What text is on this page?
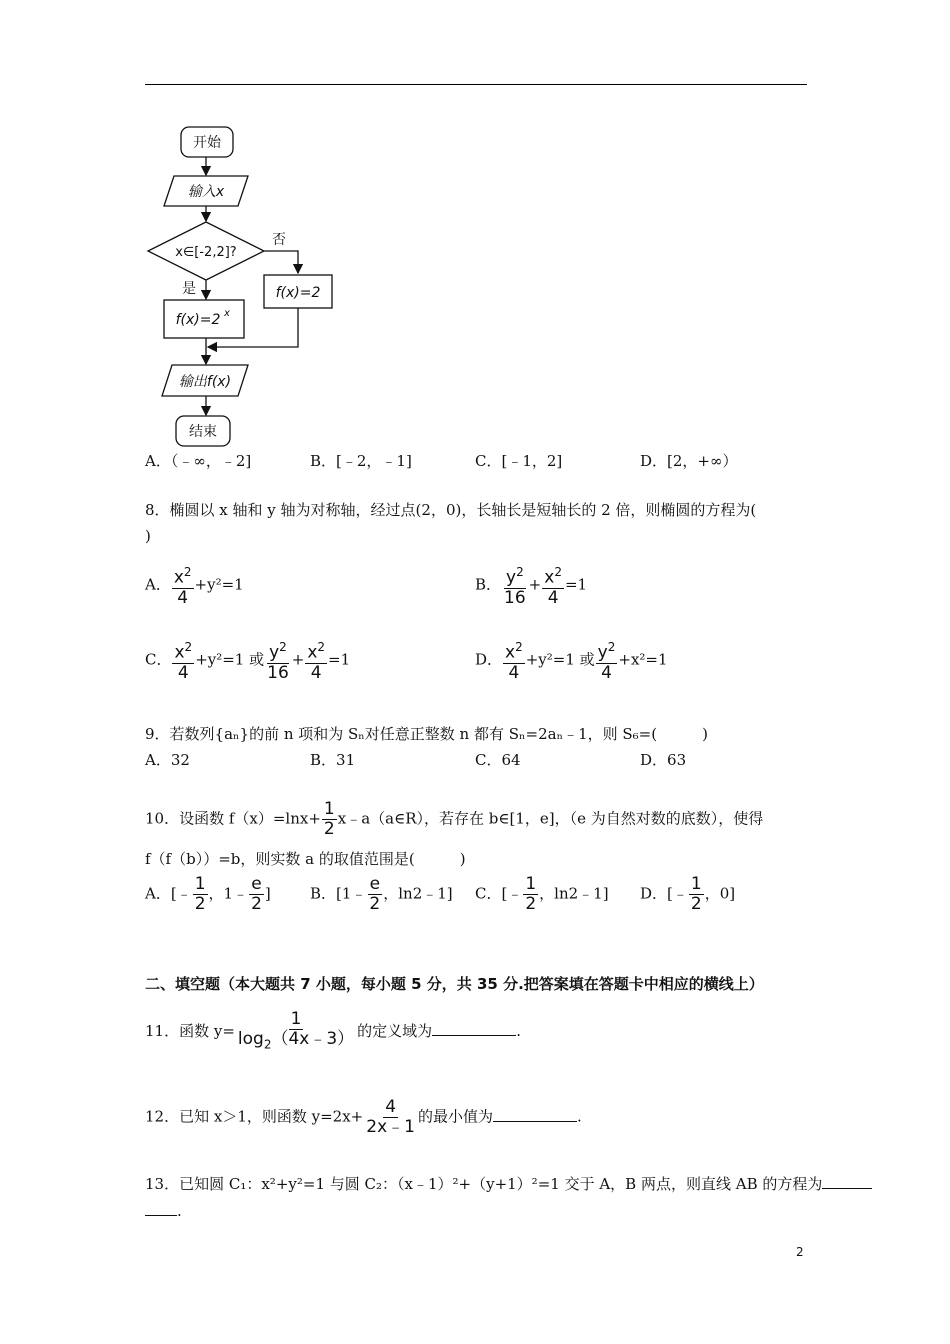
开始
输入x
x∈[-2,2]?
否
是	f(x)=2
f(x)=2 x
输出f(x)
结束
A．（﹣∞，﹣2]	B．[﹣2，﹣1]	C．[﹣1，2]	D．[2，+∞）
8．椭圆以 x 轴和 y 轴为对称轴，经过点(2，0)，长轴长是短轴长的 2 倍，则椭圆的方程为(
)
A． $\frac{x^2}{4} +y^2=1$	B． $\frac{y^2}{16} + \frac{x^2}{4} =1$
C． $\frac{x^2}{4} +y^2=1$ 或 $\frac{y^2}{16} + \frac{x^2}{4} =1$	D． $\frac{x^2}{4} +y^2=1$ 或 $\frac{y^2}{4} +x^2=1$
9．若数列{aₙ}的前 n 项和为 Sₙ对任意正整数 n 都有 Sₙ=2aₙ﹣1，则 S₆=(　　　)
A．32	B．31	C．64	D．63
10．设函数 $f(x)=\ln x+ \frac{1}{2}$ x﹣a（a∈R），若存在 b∈[1，e]，（e 为自然对数的底数），使得
f（f（b））=b，则实数 a 的取值范围是(　　　)
A．[﹣ $\frac{1}{2}$ ，1﹣ $\frac{e}{2}$ ]	B．[1﹣ $\frac{e}{2}$ ，ln2﹣1] C．[﹣ $\frac{1}{2}$ ，ln2﹣1] D．[﹣ $\frac{1}{2}$ ，0]
二、填空题（本大题共 7 小题，每小题 5 分，共 35 分.把答案填在答题卡中相应的横线上）
11．函数 $y= \frac{1}{\log_2(4x﹣3)}$ 的定义域为	.
12．已知 x＞1，则函数 $y=2x+ \frac{4}{2x﹣1}$ 的最小值为	.
13．已知圆 C₁：x²+y²=1 与圆 C₂：（x﹣1）²+（y+1）²=1 交于 A，B 两点，则直线 AB 的方程为
.
2
